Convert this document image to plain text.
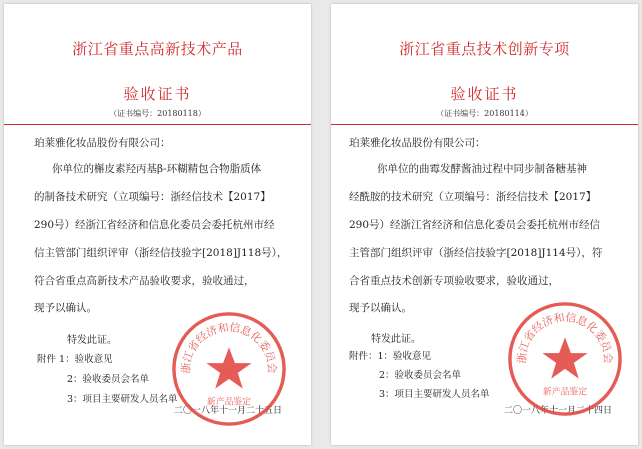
浙江省重点高新技术产品
验收证书
（证书编号：20180118）
珀莱雅化妆品股份有限公司：
你单位的槲皮素羟丙基β-环糊精包合物脂质体
的制备技术研究（立项编号：浙经信技术【2017】
290号）经浙江省经济和信息化委员会委托杭州市经
信主管部门组织评审（浙经信技验字[2018]J118号），
符合省重点高新技术产品验收要求，验收通过，
现予以确认。
特发此证。
附件 1：验收意见
2：验收委员会名单
3：项目主要研发人员名单
二〇一八年十一月二十五日
浙江省经济和信息化委员会
新产品鉴定
浙江省重点技术创新专项
验收证书
（证书编号：20180114）
珀莱雅化妆品股份有限公司：
你单位的曲霉发酵酱油过程中同步制备糖基神
经酰胺的技术研究（立项编号：浙经信技术【2017】
290号）经浙江省经济和信息化委员会委托杭州市经信
主管部门组织评审（浙经信技验字[2018]J114号），符
合省重点技术创新专项验收要求，验收通过，
现予以确认。
特发此证。
附件：1：验收意见
2：验收委员会名单
3：项目主要研发人员名单
二〇一八年十一月二十四日
浙江省经济和信息化委员会
新产品鉴定
